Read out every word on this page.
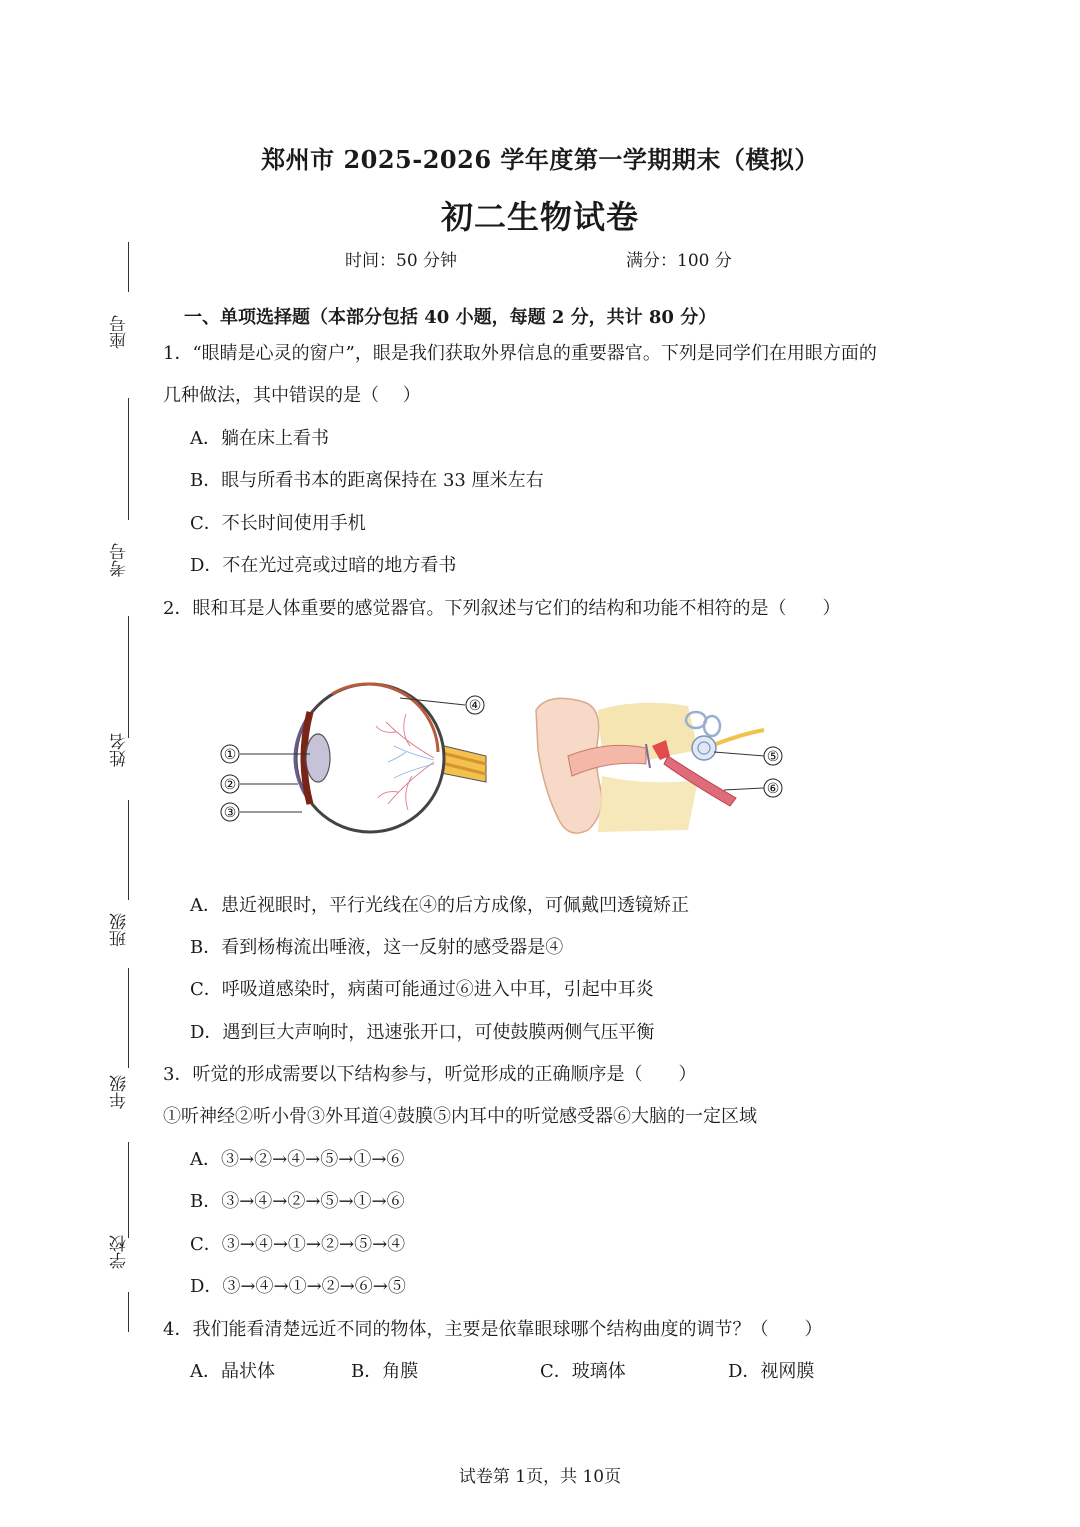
座号
考号
姓名
班级
年级
学校
郑州市 2025-2026 学年度第一学期期末（模拟）
初二生物试卷
时间：50 分钟	满分：100 分
一、单项选择题（本部分包括 40 小题，每题 2 分，共计 80 分）
1．“眼睛是心灵的窗户”，眼是我们获取外界信息的重要器官。下列是同学们在用眼方面的
几种做法，其中错误的是（　 ）
A．躺在床上看书
B．眼与所看书本的距离保持在 33 厘米左右
C．不长时间使用手机
D．不在光过亮或过暗的地方看书
2．眼和耳是人体重要的感觉器官。下列叙述与它们的结构和功能不相符的是（　　）
①
②
③
④
⑤
⑥
A．患近视眼时，平行光线在④的后方成像，可佩戴凹透镜矫正
B．看到杨梅流出唾液，这一反射的感受器是④
C．呼吸道感染时，病菌可能通过⑥进入中耳，引起中耳炎
D．遇到巨大声响时，迅速张开口，可使鼓膜两侧气压平衡
3．听觉的形成需要以下结构参与，听觉形成的正确顺序是（　　）
①听神经②听小骨③外耳道④鼓膜⑤内耳中的听觉感受器⑥大脑的一定区域
A．③→②→④→⑤→①→⑥
B．③→④→②→⑤→①→⑥
C．③→④→①→②→⑤→④
D．③→④→①→②→⑥→⑤
4．我们能看清楚远近不同的物体，主要是依靠眼球哪个结构曲度的调节？（　　）
A．晶状体	B．角膜	C．玻璃体	D．视网膜
试卷第 1页，共 10页
